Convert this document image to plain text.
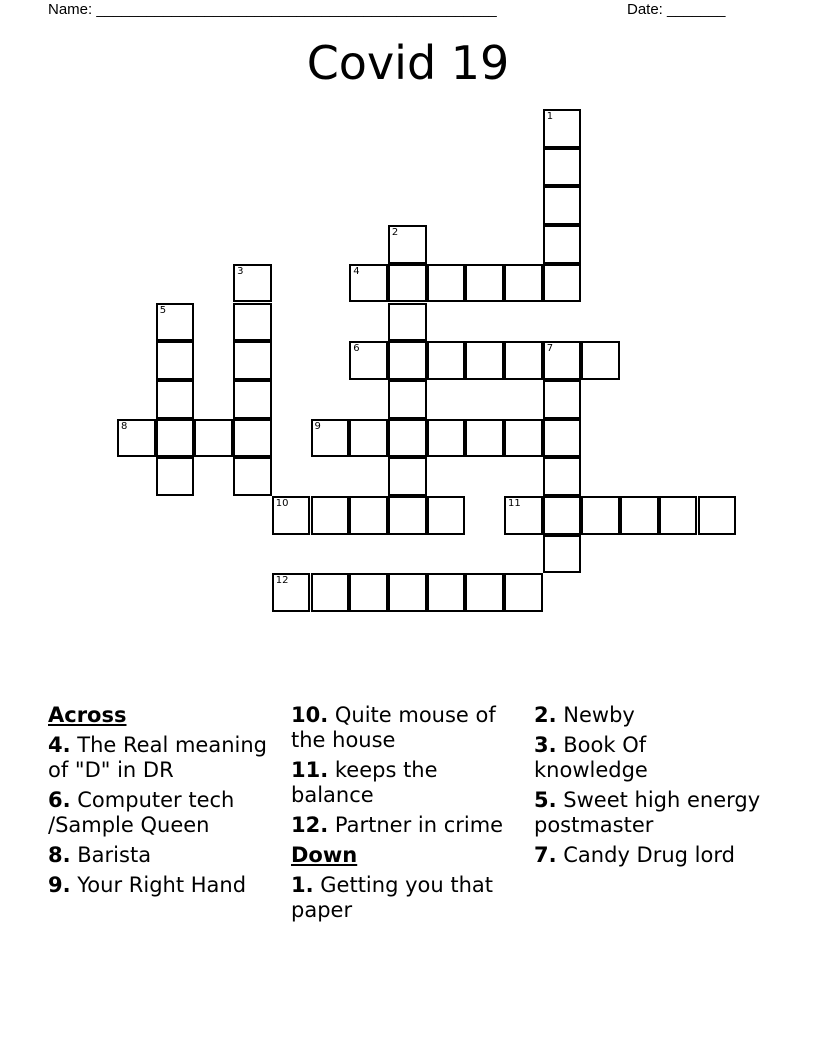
Name: ________________________________________________	Date: _______
Covid 19
1
2
3	4
5
6	7
8	9
10	11
12
Across
4. The Real meaning of "D" in DR
6. Computer tech /Sample Queen
8. Barista
9. Your Right Hand
10. Quite mouse of the house
11. keeps the balance
12. Partner in crime
Down
1. Getting you that paper
2. Newby
3. Book Of knowledge
5. Sweet high energy postmaster
7. Candy Drug lord
